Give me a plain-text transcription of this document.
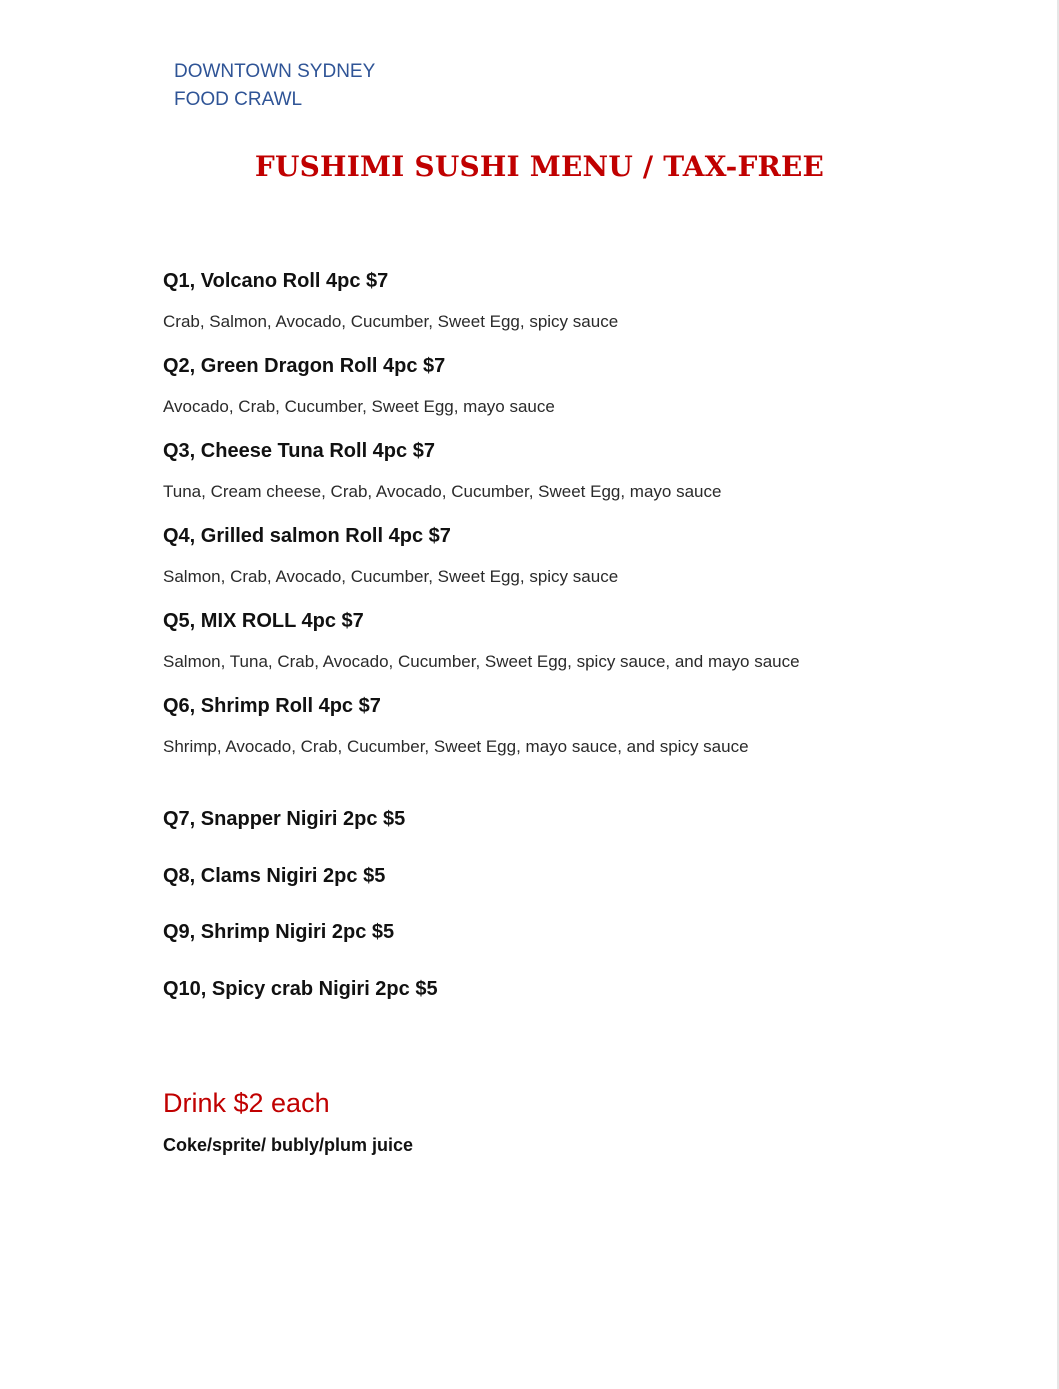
DOWNTOWN SYDNEY
FOOD CRAWL
FUSHIMI SUSHI MENU / TAX-FREE
Q1, Volcano Roll 4pc $7
Crab, Salmon, Avocado, Cucumber, Sweet Egg, spicy sauce
Q2, Green Dragon Roll 4pc $7
Avocado, Crab, Cucumber, Sweet Egg, mayo sauce
Q3, Cheese Tuna Roll 4pc $7
Tuna, Cream cheese, Crab, Avocado, Cucumber, Sweet Egg, mayo sauce
Q4, Grilled salmon Roll 4pc $7
Salmon, Crab, Avocado, Cucumber, Sweet Egg, spicy sauce
Q5, MIX ROLL 4pc $7
Salmon, Tuna, Crab, Avocado, Cucumber, Sweet Egg, spicy sauce, and mayo sauce
Q6, Shrimp Roll 4pc $7
Shrimp, Avocado, Crab, Cucumber, Sweet Egg, mayo sauce, and spicy sauce
Q7, Snapper Nigiri 2pc $5
Q8, Clams Nigiri 2pc $5
Q9, Shrimp Nigiri 2pc $5
Q10, Spicy crab Nigiri 2pc $5
Drink $2 each
Coke/sprite/ bubly/plum juice
